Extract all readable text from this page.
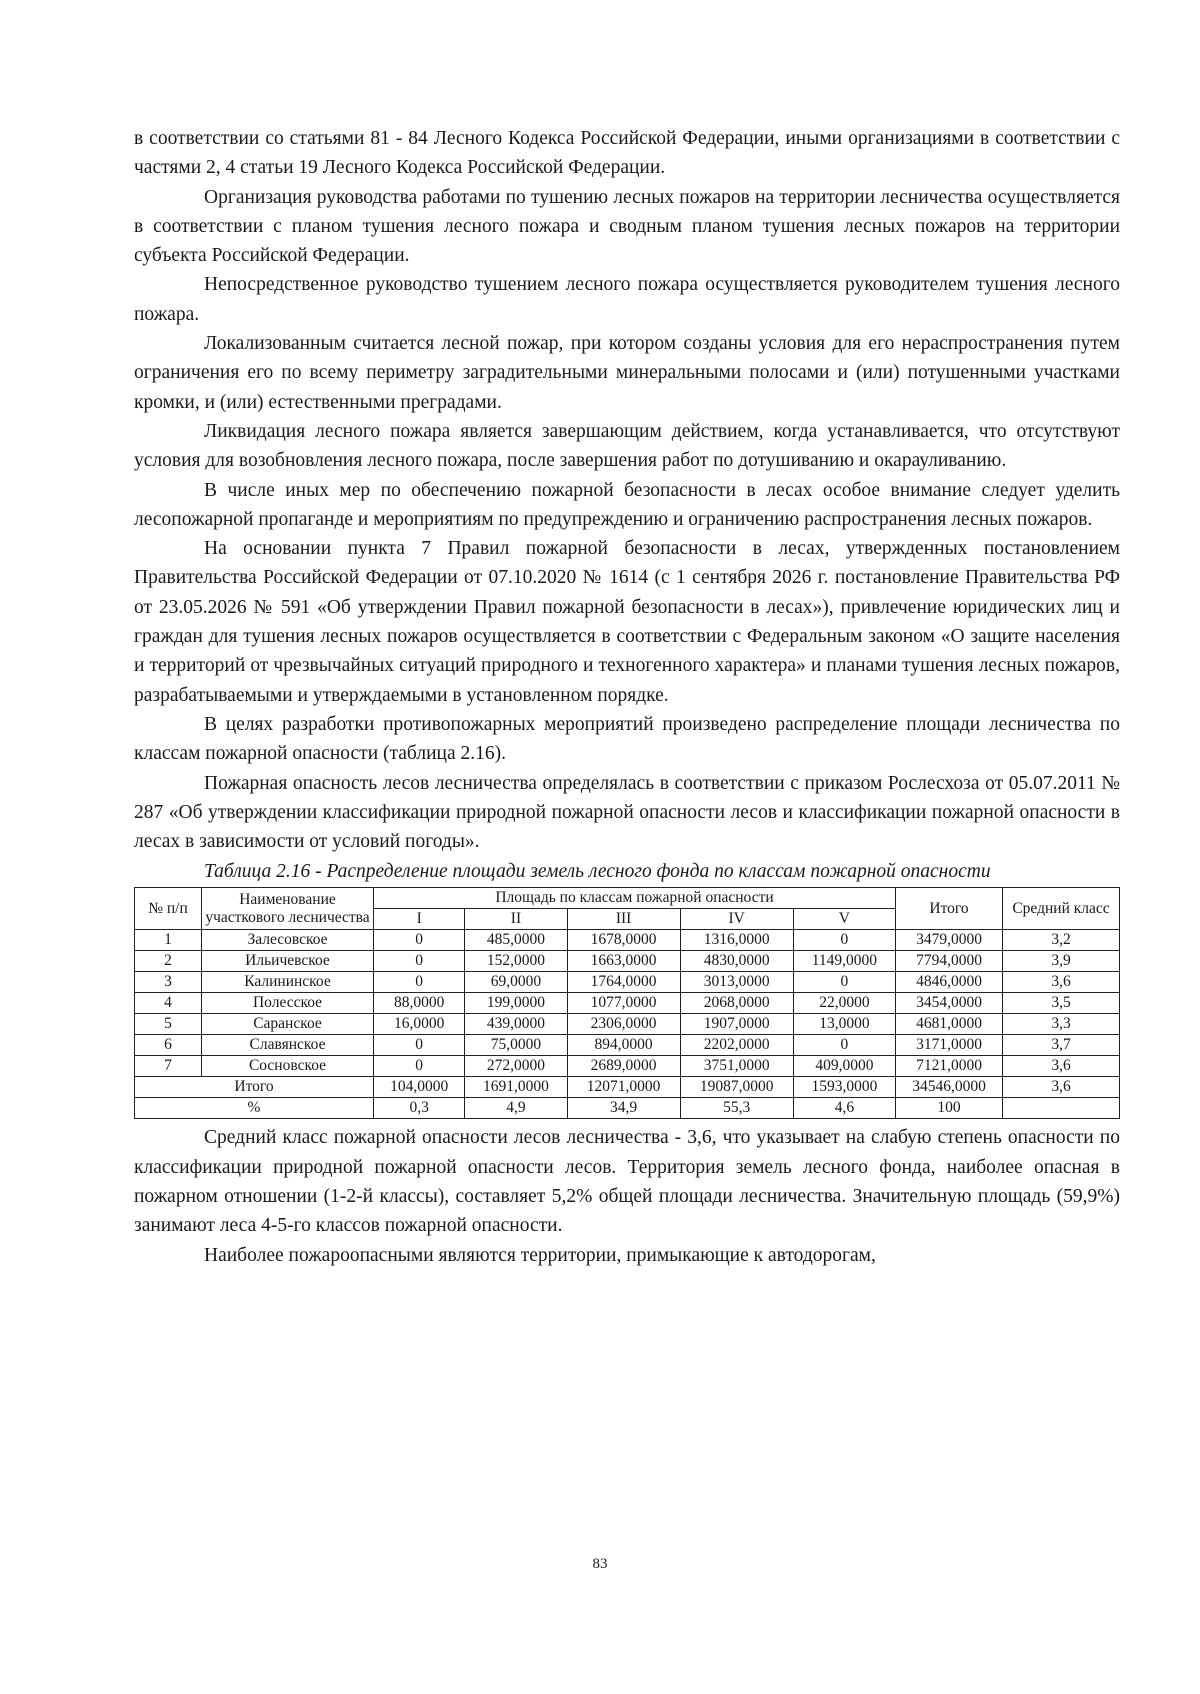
в соответствии со статьями 81 - 84 Лесного Кодекса Российской Федерации, иными организациями в соответствии с частями 2, 4 статьи 19 Лесного Кодекса Российской Федерации.

Организация руководства работами по тушению лесных пожаров на территории лесничества осуществляется в соответствии с планом тушения лесного пожара и сводным планом тушения лесных пожаров на территории субъекта Российской Федерации.

Непосредственное руководство тушением лесного пожара осуществляется руководителем тушения лесного пожара.

Локализованным считается лесной пожар, при котором созданы условия для его нераспространения путем ограничения его по всему периметру заградительными минеральными полосами и (или) потушенными участками кромки, и (или) естественными преградами.

Ликвидация лесного пожара является завершающим действием, когда устанавливается, что отсутствуют условия для возобновления лесного пожара, после завершения работ по дотушиванию и окарауливанию.

В числе иных мер по обеспечению пожарной безопасности в лесах особое внимание следует уделить лесопожарной пропаганде и мероприятиям по предупреждению и ограничению распространения лесных пожаров.

На основании пункта 7 Правил пожарной безопасности в лесах, утвержденных постановлением Правительства Российской Федерации от 07.10.2020 № 1614 (с 1 сентября 2026 г. постановление Правительства РФ от 23.05.2026 № 591 «Об утверждении Правил пожарной безопасности в лесах»), привлечение юридических лиц и граждан для тушения лесных пожаров осуществляется в соответствии с Федеральным законом «О защите населения и территорий от чрезвычайных ситуаций природного и техногенного характера» и планами тушения лесных пожаров, разрабатываемыми и утверждаемыми в установленном порядке.

В целях разработки противопожарных мероприятий произведено распределение площади лесничества по классам пожарной опасности (таблица 2.16).

Пожарная опасность лесов лесничества определялась в соответствии с приказом Рослесхоза от 05.07.2011 № 287 «Об утверждении классификации природной пожарной опасности лесов и классификации пожарной опасности в лесах в зависимости от условий погоды».

Таблица 2.16 - Распределение площади земель лесного фонда по классам пожарной опасности
№ п/п	Наименование участкового лесничества	Площадь по классам пожарной опасности					Итого	Средний класс
		I	II	III	IV	V		
1	Залесовское	0	485,0000	1678,0000	1316,0000	0	3479,0000	3,2
2	Ильичевское	0	152,0000	1663,0000	4830,0000	1149,0000	7794,0000	3,9
3	Калининское	0	69,0000	1764,0000	3013,0000	0	4846,0000	3,6
4	Полесское	88,0000	199,0000	1077,0000	2068,0000	22,0000	3454,0000	3,5
5	Саранское	16,0000	439,0000	2306,0000	1907,0000	13,0000	4681,0000	3,3
6	Славянское	0	75,0000	894,0000	2202,0000	0	3171,0000	3,7
7	Сосновское	0	272,0000	2689,0000	3751,0000	409,0000	7121,0000	3,6
Итого		104,0000	1691,0000	12071,0000	19087,0000	1593,0000	34546,0000	3,6
%		0,3	4,9	34,9	55,3	4,6	100	

Средний класс пожарной опасности лесов лесничества - 3,6, что указывает на слабую степень опасности по классификации природной пожарной опасности лесов. Территория земель лесного фонда, наиболее опасная в пожарном отношении (1-2-й классы), составляет 5,2% общей площади лесничества. Значительную площадь (59,9%) занимают леса 4-5-го классов пожарной опасности.

Наиболее пожароопасными являются территории, примыкающие к автодорогам,

83
